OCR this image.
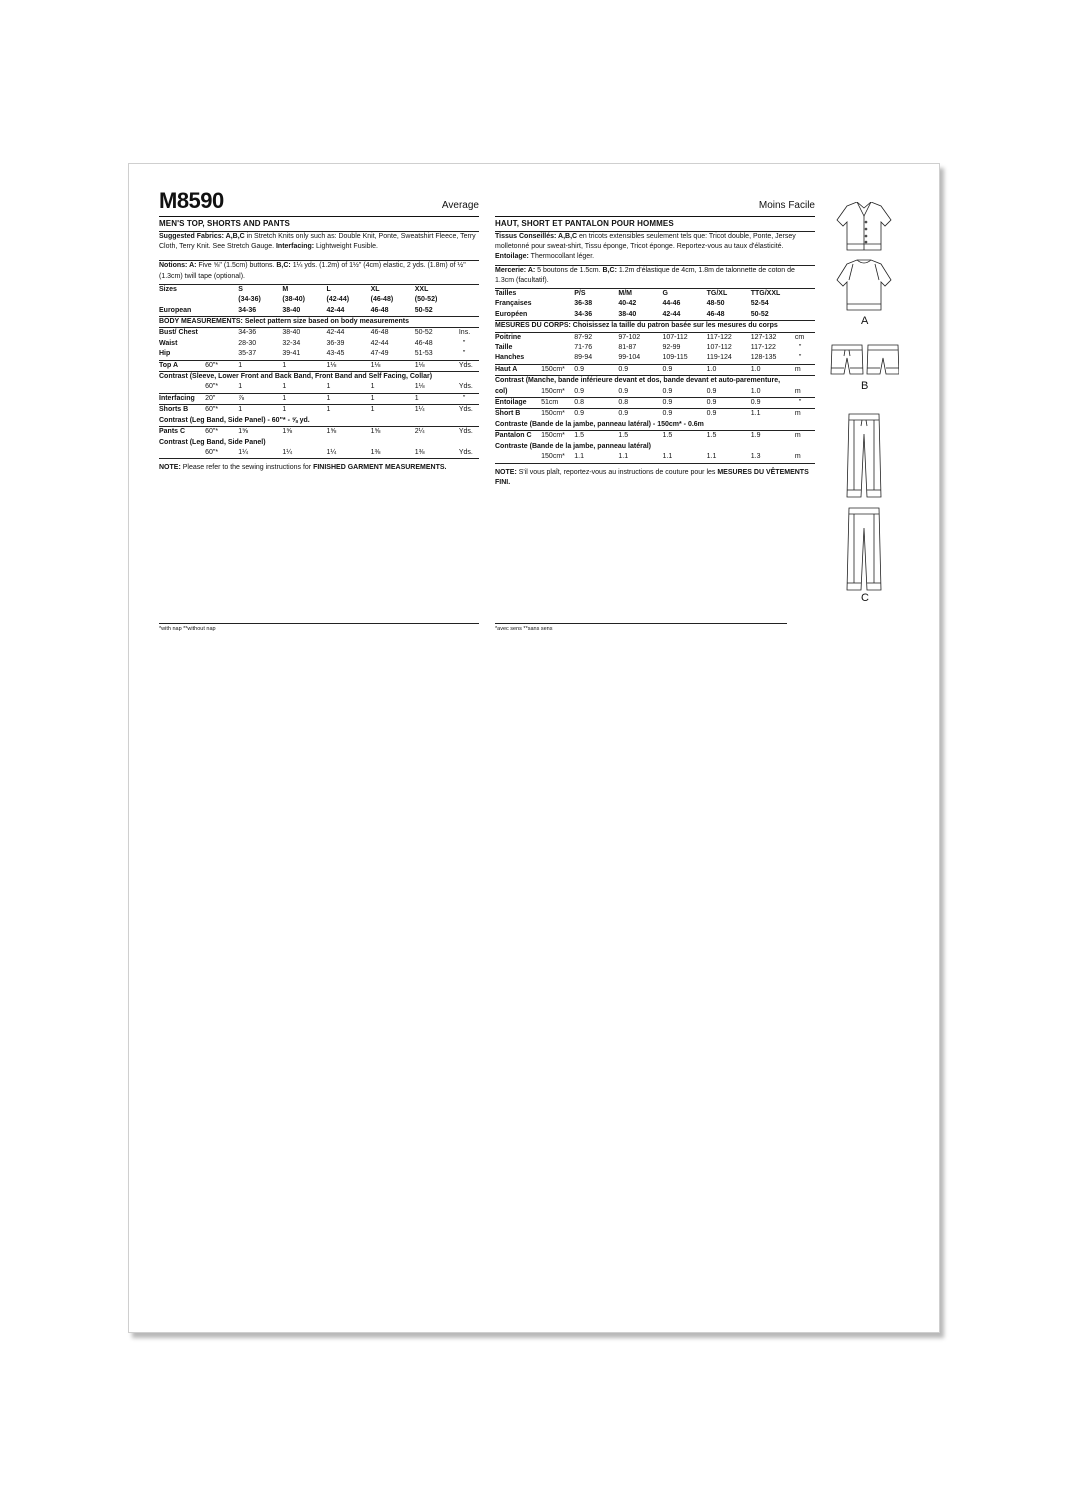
M8590	Average
MEN'S TOP, SHORTS AND PANTS

Suggested Fabrics: A,B,C in Stretch Knits only such as: Double Knit, Ponte, Sweatshirt Fleece, Terry Cloth, Terry Knit. See Stretch Gauge. Interfacing: Lightweight Fusible.

Notions: A: Five ⅝" (1.5cm) buttons. B,C: 1¼ yds. (1.2m) of 1½" (4cm) elastic, 2 yds. (1.8m) of ½" (1.3cm) twill tape (optional).

Sizes		S	M	L	XL	XXL	
		(34-36)	(38-40)	(42-44)	(46-48)	(50-52)	
European		34-36	38-40	42-44	46-48	50-52	
BODY MEASUREMENTS: Select pattern size based on body measurements							
Bust/ Chest		34-36	38-40	42-44	46-48	50-52	Ins.
Waist		28-30	32-34	36-39	42-44	46-48	"
Hip		35-37	39-41	43-45	47-49	51-53	"
Top A	60"*	1	1	1⅛	1⅛	1⅛	Yds.
Contrast (Sleeve, Lower Front and Back Band, Front Band and Self Facing, Collar)							
	60"*	1	1	1	1	1⅛	Yds.
Interfacing	20"	⅞	1	1	1	1	"
Shorts B	60"*	1	1	1	1	1¼	Yds.
Contrast (Leg Band, Side Panel) - 60"* - ⅝ yd.							
Pants C	60"*	1⅝	1⅝	1⅝	1⅝	2¼	Yds.
Contrast (Leg Band, Side Panel)							
	60"*	1¼	1¼	1¼	1⅜	1⅜	Yds.
NOTE: Please refer to the sewing instructions for FINISHED GARMENT MEASUREMENTS.
Moins Facile
HAUT, SHORT ET PANTALON POUR HOMMES

Tissus Conseillés: A,B,C en tricots extensibles seulement tels que: Tricot double, Ponte, Jersey molletonné pour sweat-shirt, Tissu éponge, Tricot éponge. Reportez-vous au taux d'élasticité.
Entoilage: Thermocollant léger.

Mercerie: A: 5 boutons de 1.5cm. B,C: 1.2m d'élastique de 4cm, 1.8m de talonnette de coton de 1.3cm (facultatif).

Tailles		P/S	M/M	G	TG/XL	TTG/XXL	
Françaises		36-38	40-42	44-46	48-50	52-54	
Européen		34-36	38-40	42-44	46-48	50-52	
MESURES DU CORPS: Choisissez la taille du patron basée sur les mesures du corps							
Poitrine		87-92	97-102	107-112	117-122	127-132	cm
Taille		71-76	81-87	92-99	107-112	117-122	"
Hanches		89-94	99-104	109-115	119-124	128-135	"
Haut A	150cm*	0.9	0.9	0.9	1.0	1.0	m
Contrast (Manche, bande inférieure devant et dos, bande devant et auto-parementure,							
col)	150cm*	0.9	0.9	0.9	0.9	1.0	m
Entoilage	51cm	0.8	0.8	0.9	0.9	0.9	"
Short B	150cm*	0.9	0.9	0.9	0.9	1.1	m
Contraste (Bande de la jambe, panneau latéral) - 150cm* - 0.6m							
Pantalon C	150cm*	1.5	1.5	1.5	1.5	1.9	m
Contraste (Bande de la jambe, panneau latéral)							
	150cm*	1.1	1.1	1.1	1.1	1.3	m
NOTE: S'il vous plaît, reportez-vous au instructions de couture pour les MESURES DU VÊTEMENTS FINI.
*with nap **without nap	*avec sens **sans sens
A
B
C
